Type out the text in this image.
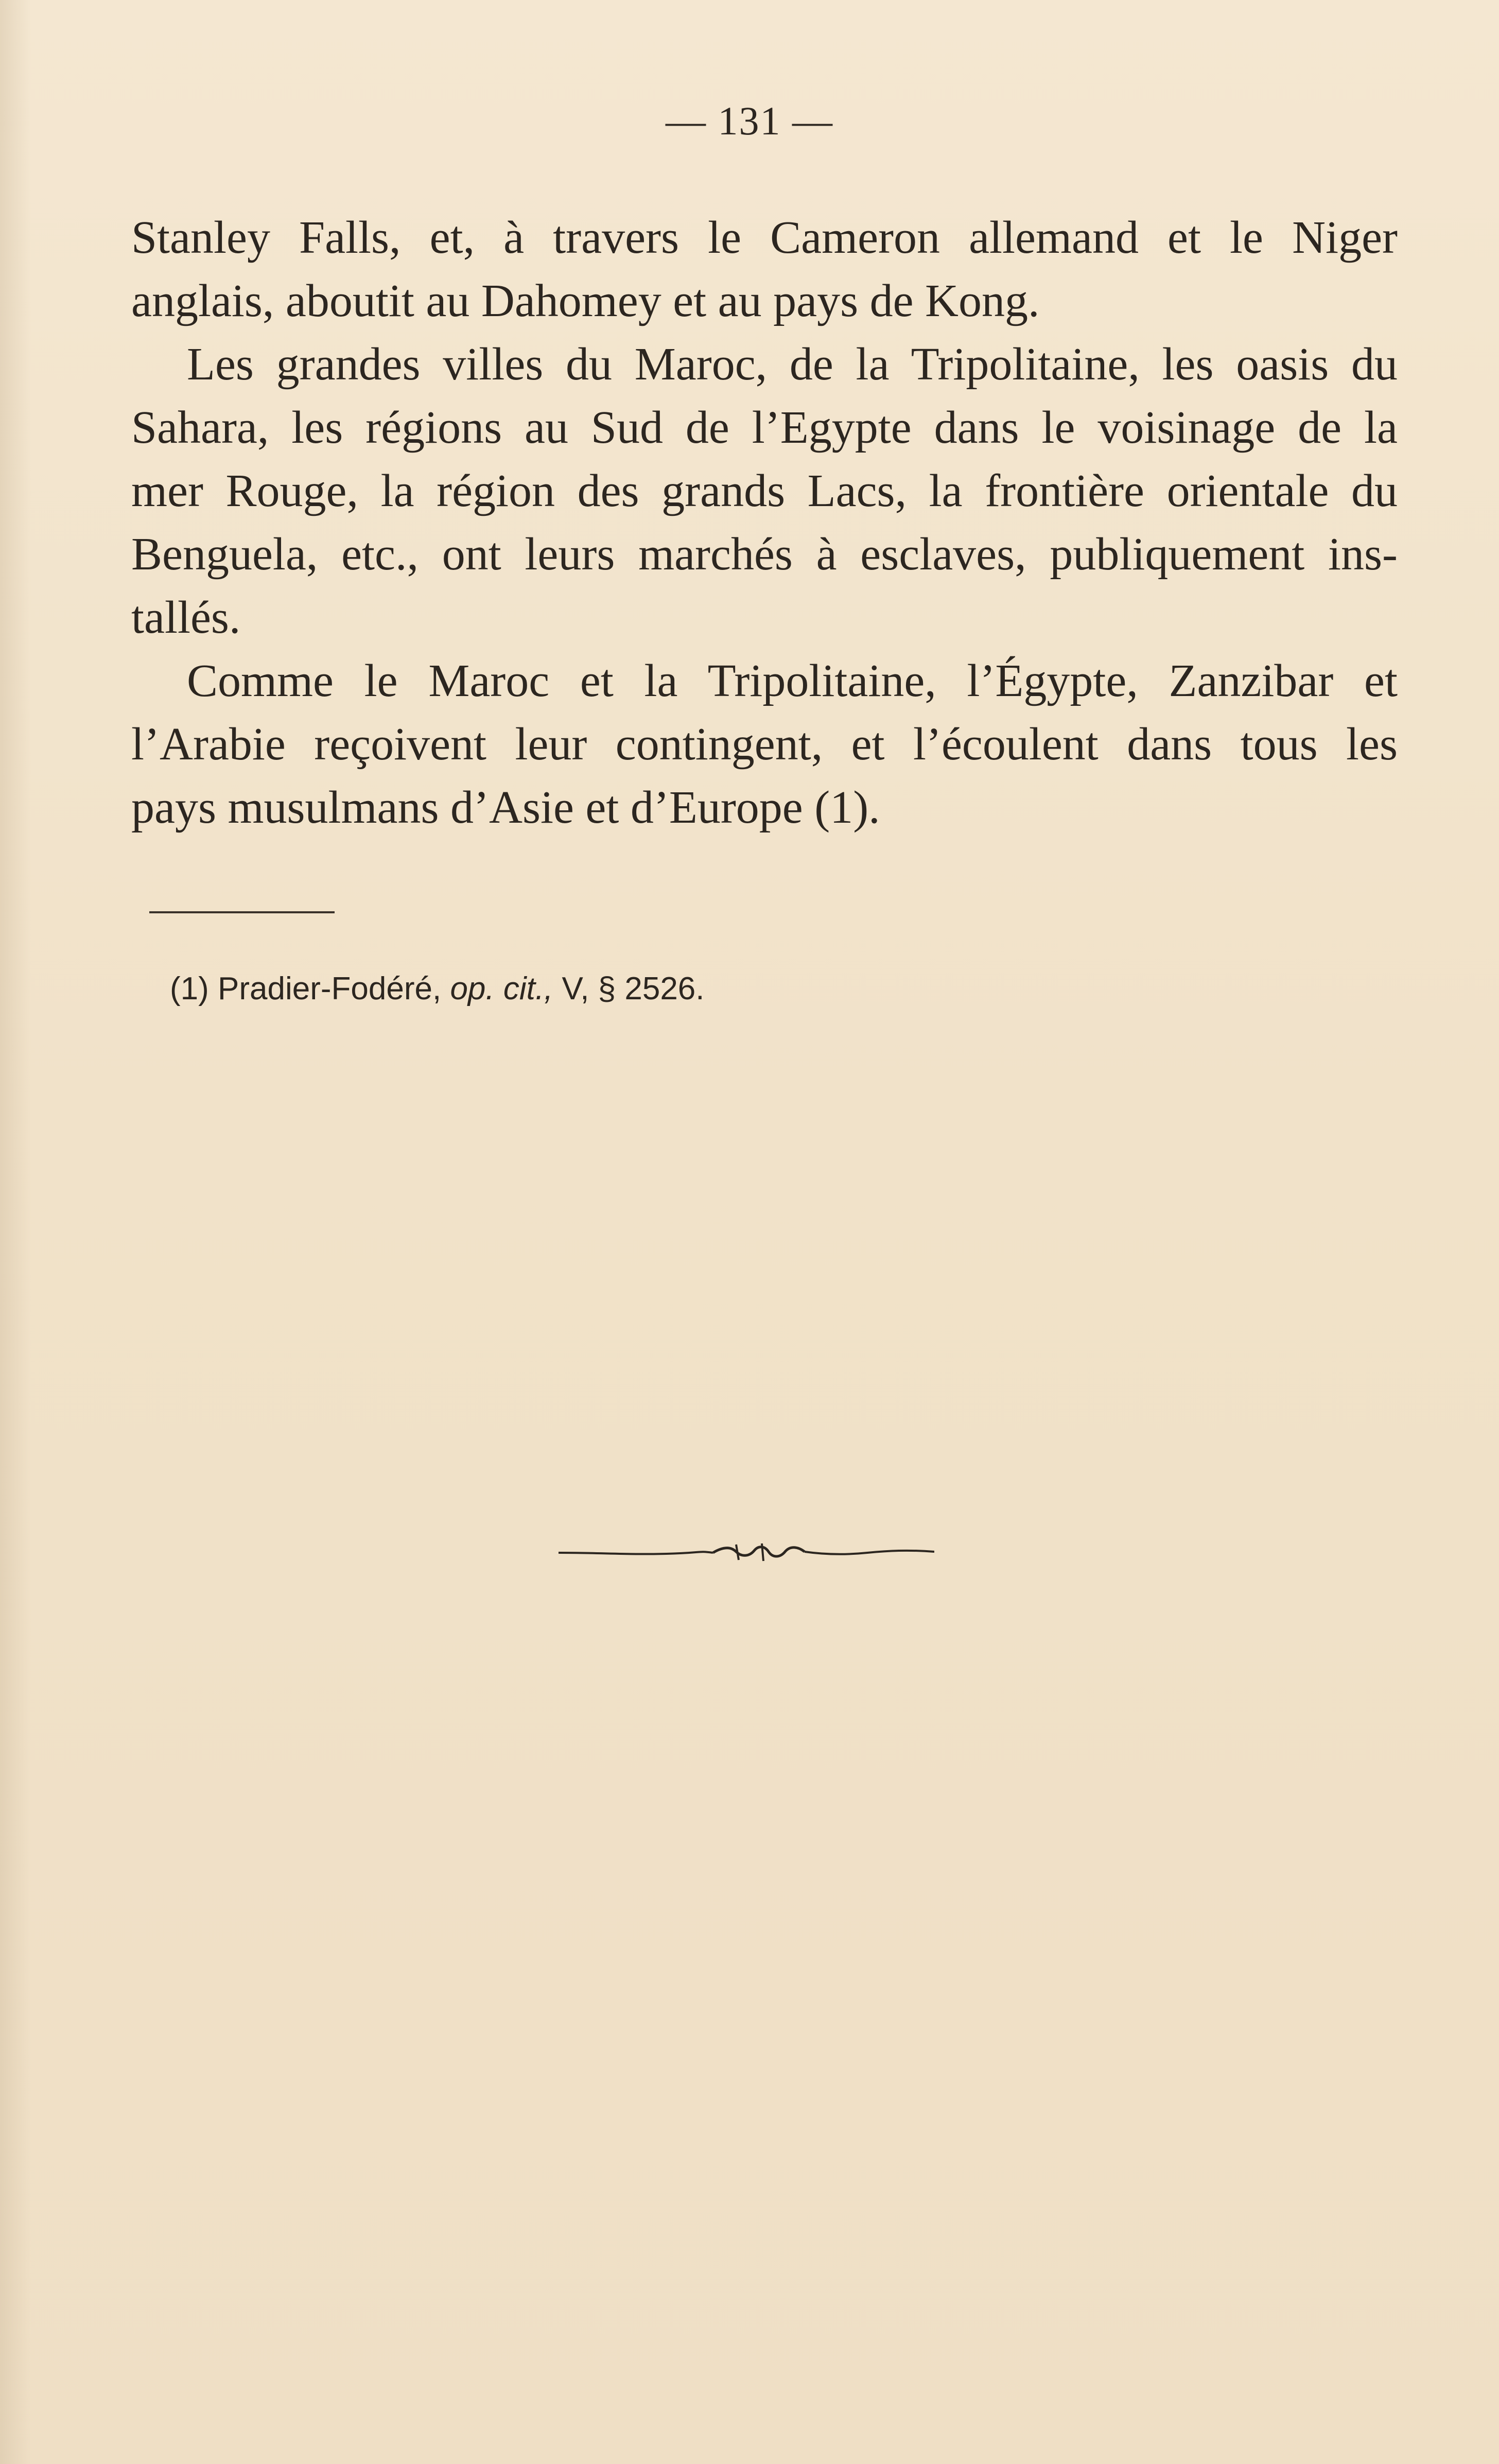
— 131 —
Stanley Falls, et, à travers le Cameron allemand et le Niger
anglais, aboutit au Dahomey et au pays de Kong.
Les grandes villes du Maroc, de la Tripolitaine, les oasis du
Sahara, les régions au Sud de l’Egypte dans le voisinage de la
mer Rouge, la région des grands Lacs, la frontière orientale du
Benguela, etc., ont leurs marchés à esclaves, publiquement ins-
tallés.
Comme le Maroc et la Tripolitaine, l’Égypte, Zanzibar et
l’Arabie reçoivent leur contingent, et l’écoulent dans tous les
pays musulmans d’Asie et d’Europe (1).
(1) Pradier-Fodéré, op. cit., V, § 2526.
